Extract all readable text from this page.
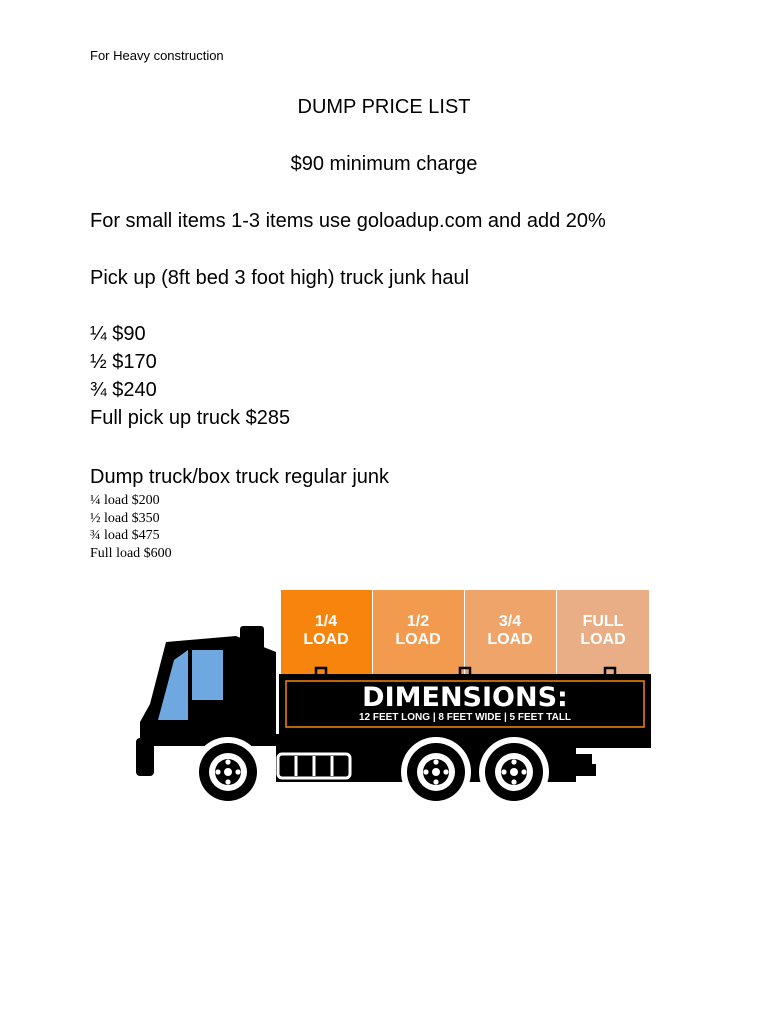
For Heavy construction
DUMP PRICE LIST
$90 minimum charge
For small items 1-3 items use goloadup.com and add 20%
Pick up (8ft bed 3 foot high) truck junk haul
¼ $90
½ $170
¾ $240
Full pick up truck $285
Dump truck/box truck regular junk
¼ load $200
½ load $350
¾ load $475
Full load $600
1/4
LOAD
1/2
LOAD
3/4
LOAD
FULL
LOAD
DIMENSIONS:
12 FEET LONG | 8 FEET WIDE | 5 FEET TALL
